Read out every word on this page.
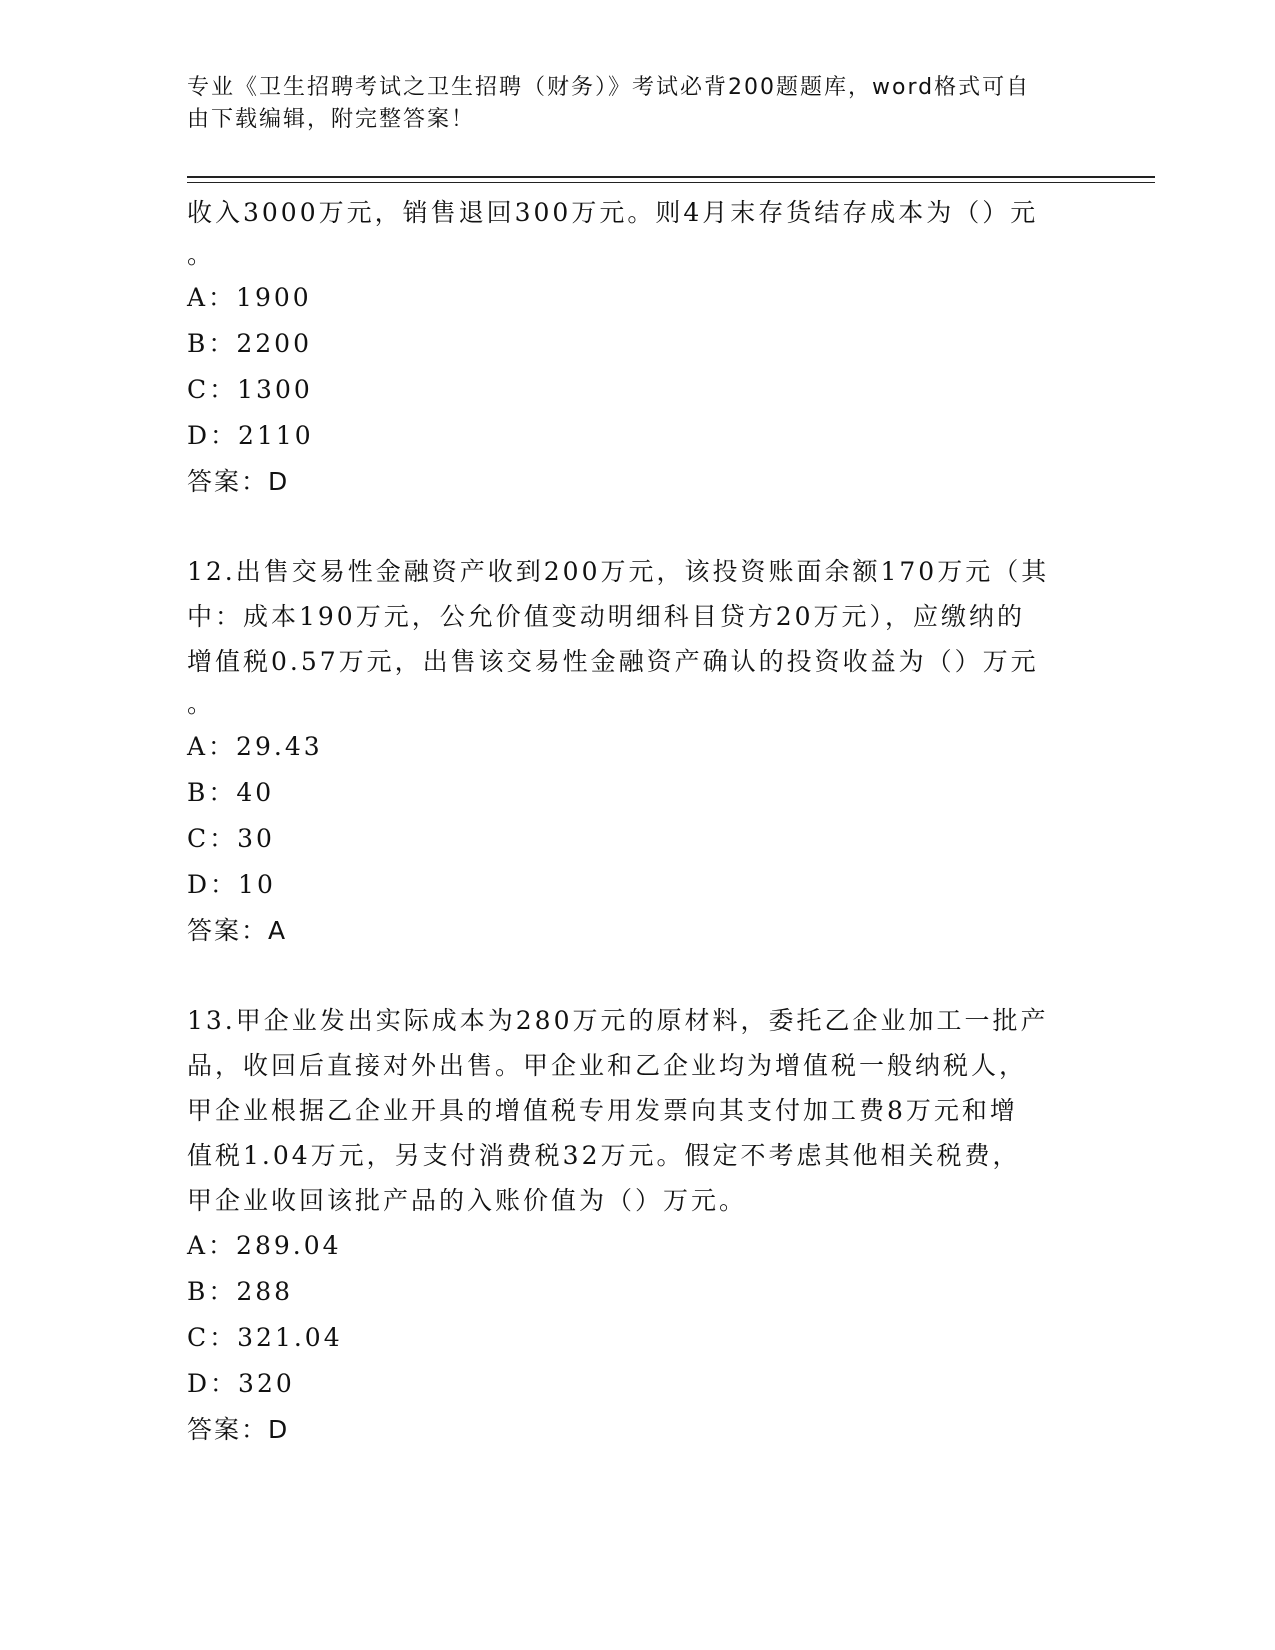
专业《卫生招聘考试之卫生招聘（财务）》考试必背200题题库，word格式可自
由下载编辑，附完整答案！
收入3000万元，销售退回300万元。则4月末存货结存成本为（）元
。
A：1900
B：2200
C：1300
D：2110
答案：D
12.出售交易性金融资产收到200万元，该投资账面余额170万元（其
中：成本190万元，公允价值变动明细科目贷方20万元），应缴纳的
增值税0.57万元，出售该交易性金融资产确认的投资收益为（）万元
。
A：29.43
B：40
C：30
D：10
答案：A
13.甲企业发出实际成本为280万元的原材料，委托乙企业加工一批产
品，收回后直接对外出售。甲企业和乙企业均为增值税一般纳税人，
甲企业根据乙企业开具的增值税专用发票向其支付加工费8万元和增
值税1.04万元，另支付消费税32万元。假定不考虑其他相关税费，
甲企业收回该批产品的入账价值为（）万元。
A：289.04
B：288
C：321.04
D：320
答案：D
